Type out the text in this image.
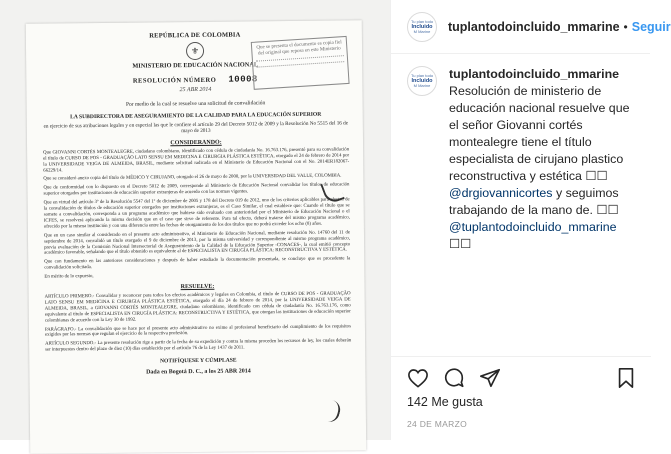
REPÚBLICA DE COLOMBIA
⚜
MINISTERIO DE EDUCACIÓN NACIONAL
RESOLUCIÓN NÚMERO 10008
25 ABR 2014
Por medio de la cual se resuelve una solicitud de convalidación
LA SUBDIRECTORA DE ASEGURAMIENTO DE LA CALIDAD PARA LA EDUCACIÓN SUPERIOR
en ejercicio de sus atribuciones legales y en especial las que le confiere el artículo 29 del Decreto 5012 de 2009 y la Resolución No 5515 del 16 de mayo de 2013
CONSIDERANDO:

Que GIOVANNI CORTÉS MONTEALEGRE, ciudadano colombiano, identificado con cédula de ciudadanía No. 16.763.176, presentó para su convalidación el título de CURSO DE POS - GRADUAÇÃO LATO SENSU EM MEDICINA E CIRURGIA PLÁSTICA ESTÉTICA, otorgado el 24 de febrero de 2014 por la UNIVERSIDADE VEIGA DE ALMEIDA, BRASIL, mediante solicitud radicada en el Ministerio de Educación Nacional con el No. 2014ER182067-66229/14.

Que se consideró anexo copia del título de MÉDICO Y CIRUJANO, otorgado el 26 de mayo de 2000, por la UNIVERSIDAD DEL VALLE, COLOMBIA.

Que de conformidad con lo dispuesto en el Decreto 5012 de 2009, corresponde al Ministerio de Educación Nacional convalidar los títulos de educación superior otorgados por instituciones de educación superior extranjeras de acuerdo con las normas vigentes.

Que en virtud del artículo 3º de la Resolución 5547 del 1º de diciembre de 2005 y 178 del Decreto 019 de 2012, uno de los criterios aplicables para efectos de la convalidación de títulos de educación superior otorgados por instituciones extranjeras, es el Caso Similar, el cual establece que: Cuando el título que se somete a convalidación, corresponda a un programa académico que hubiese sido evaluado con anterioridad por el Ministerio de Educación Nacional o el ICFES, se resolverá aplicando la misma decisión que en el caso que sirve de referente. Para tal efecto, deberá tratarse del mismo programa académico, ofrecido por la misma institución y con una diferencia entre las fechas de otorgamiento de los dos títulos que no podrá exceder los ocho (8) años.

Que en un caso similar al considerado en el presente acto administrativo, el Ministerio de Educación Nacional, mediante resolución No. 14760 del 11 de septiembre de 2014, convalidó un título otorgado el 9 de diciembre de 2013, por la misma universidad y correspondiente al mismo programa académico, previa evaluación de la Comisión Nacional Intersectorial de Aseguramiento de la Calidad de la Educación Superior -CONACES-, la cual emitió concepto académico favorable, señalando que el título obtenido es equivalente al de ESPECIALISTA EN CIRUGÍA PLÁSTICA: RECONSTRUCTIVA Y ESTÉTICA.

Que con fundamento en las anteriores consideraciones y después de haber estudiado la documentación presentada, se concluye que es procedente la convalidación solicitada.

En mérito de lo expuesto,

RESUELVE:

ARTÍCULO PRIMERO.- Convalidar y reconocer para todos los efectos académicos y legales en Colombia, el título de CURSO DE POS - GRADUAÇÃO LATO SENSU EM MEDICINA E CIRURGIA PLÁSTICA ESTÉTICA, otorgado el día 24 de febrero de 2014, por la UNIVERSIDADE VEIGA DE ALMEIDA, BRASIL, a GIOVANNI CORTÉS MONTEALEGRE, ciudadano colombiano, identificado con cédula de ciudadanía No. 16.763.176, como equivalente al título de ESPECIALISTA EN CIRUGÍA PLÁSTICA: RECONSTRUCTIVA Y ESTÉTICA, que otorgan las instituciones de educación superior colombianas de acuerdo con la Ley 30 de 1992.

PARÁGRAFO.- La convalidación que se hace por el presente acto administrativo no exime al profesional beneficiario del cumplimiento de los requisitos exigidos por las normas que regulan el ejercicio de la respectiva profesión.

ARTÍCULO SEGUNDO.- La presente resolución rige a partir de la fecha de su expedición y contra la misma proceden los recursos de ley, los cuales deberán ser interpuestos dentro del plazo de diez (10) días establecido por el artículo 76 de la Ley 1437 de 2011.

NOTIFÍQUESE Y CÚMPLASE
Dada en Bogotá D. C., a los 25 ABR 2014
Que se presenta el documento es copia fiel del original que reposa en este Ministerio
Tu plan todo
Incluido
M Marine tuplantodoincluido_mmarine • Seguir
Tu plan todo
Incluido
M Marine
tuplantodoincluido_mmarine Resolución de ministerio de educación nacional resuelve que el señor Giovanni cortés montealegre tiene el título especialista de cirujano plastico reconstructiva y estética ☐☐
@drgiovannicortes y seguimos trabajando de la mano de. ☐☐
@tuplantodoincluido_mmarine ☐☐
142 Me gusta
24 DE MARZO
